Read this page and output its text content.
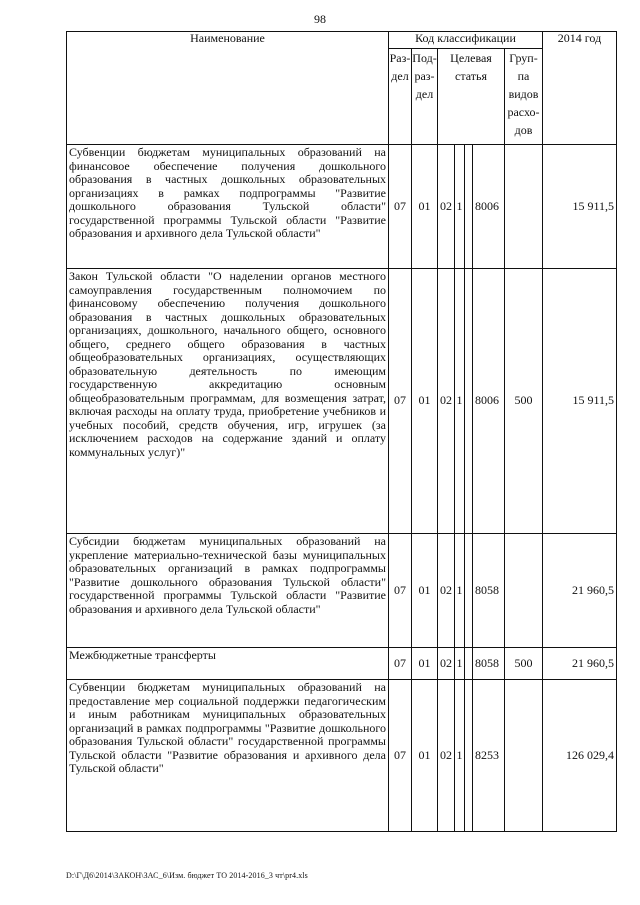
98
Наименование	Код классификации							2014 год
	Раз-дел	Под-раз-дел	Целевая статья				Груп-па видов расхо-дов	
Субвенции бюджетам муниципальных образований на финансовое обеспечение получения дошкольного образования в частных дошкольных образовательных организациях в рамках подпрограммы "Развитие дошкольного образования Тульской области" государственной программы Тульской области "Развитие образования и архивного дела Тульской области"	07	01	02	1		8006		15 911,5
Закон Тульской области "О наделении органов местного самоуправления государственным полномочием по финансовому обеспечению получения дошкольного образования в частных дошкольных образовательных организациях, дошкольного, начального общего, основного общего, среднего общего образования в частных общеобразовательных организациях, осуществляющих образовательную деятельность по имеющим государственную аккредитацию основным общеобразовательным программам, для возмещения затрат, включая расходы на оплату труда, приобретение учебников и учебных пособий, средств обучения, игр, игрушек (за исключением расходов на содержание зданий и оплату коммунальных услуг)"	07	01	02	1		8006	500	15 911,5
Субсидии бюджетам муниципальных образований на укрепление материально-технической базы муниципальных образовательных организаций в рамках подпрограммы "Развитие дошкольного образования Тульской области" государственной программы Тульской области "Развитие образования и архивного дела Тульской области"	07	01	02	1		8058		21 960,5
Межбюджетные трансферты	07	01	02	1		8058	500	21 960,5
Субвенции бюджетам муниципальных образований на предоставление мер социальной поддержки педагогическим и иным работникам муниципальных образовательных организаций в рамках подпрограммы "Развитие дошкольного образования Тульской области" государственной программы Тульской области "Развитие образования и архивного дела Тульской области"	07	01	02	1		8253		126 029,4
D:\Г\Д6\2014\ЗАКОН\ЗАС_6\Изм. бюджет ТО 2014-2016_3 чт\pr4.xls
